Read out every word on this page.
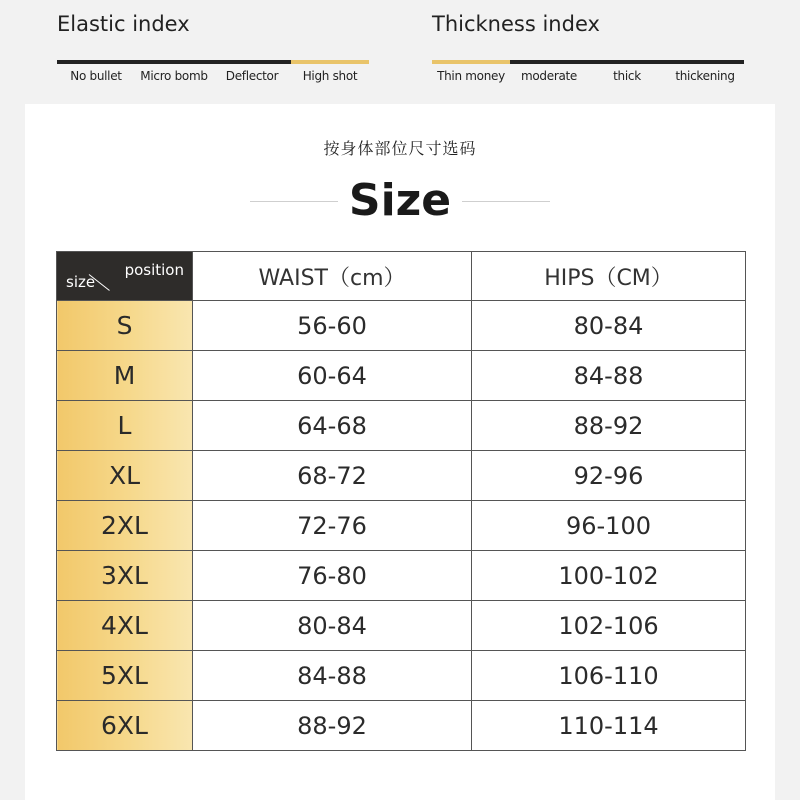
Elastic index
No bullet Micro bomb Deflector High shot
Thickness index
Thin money moderate	thick	thickening
按身体部位尺寸选码
Size
size
position	WAIST（cm）	HIPS（CM）
S	56-60	80-84
M	60-64	84-88
L	64-68	88-92
XL	68-72	92-96
2XL	72-76	96-100
3XL	76-80	100-102
4XL	80-84	102-106
5XL	84-88	106-110
6XL	88-92	110-114
